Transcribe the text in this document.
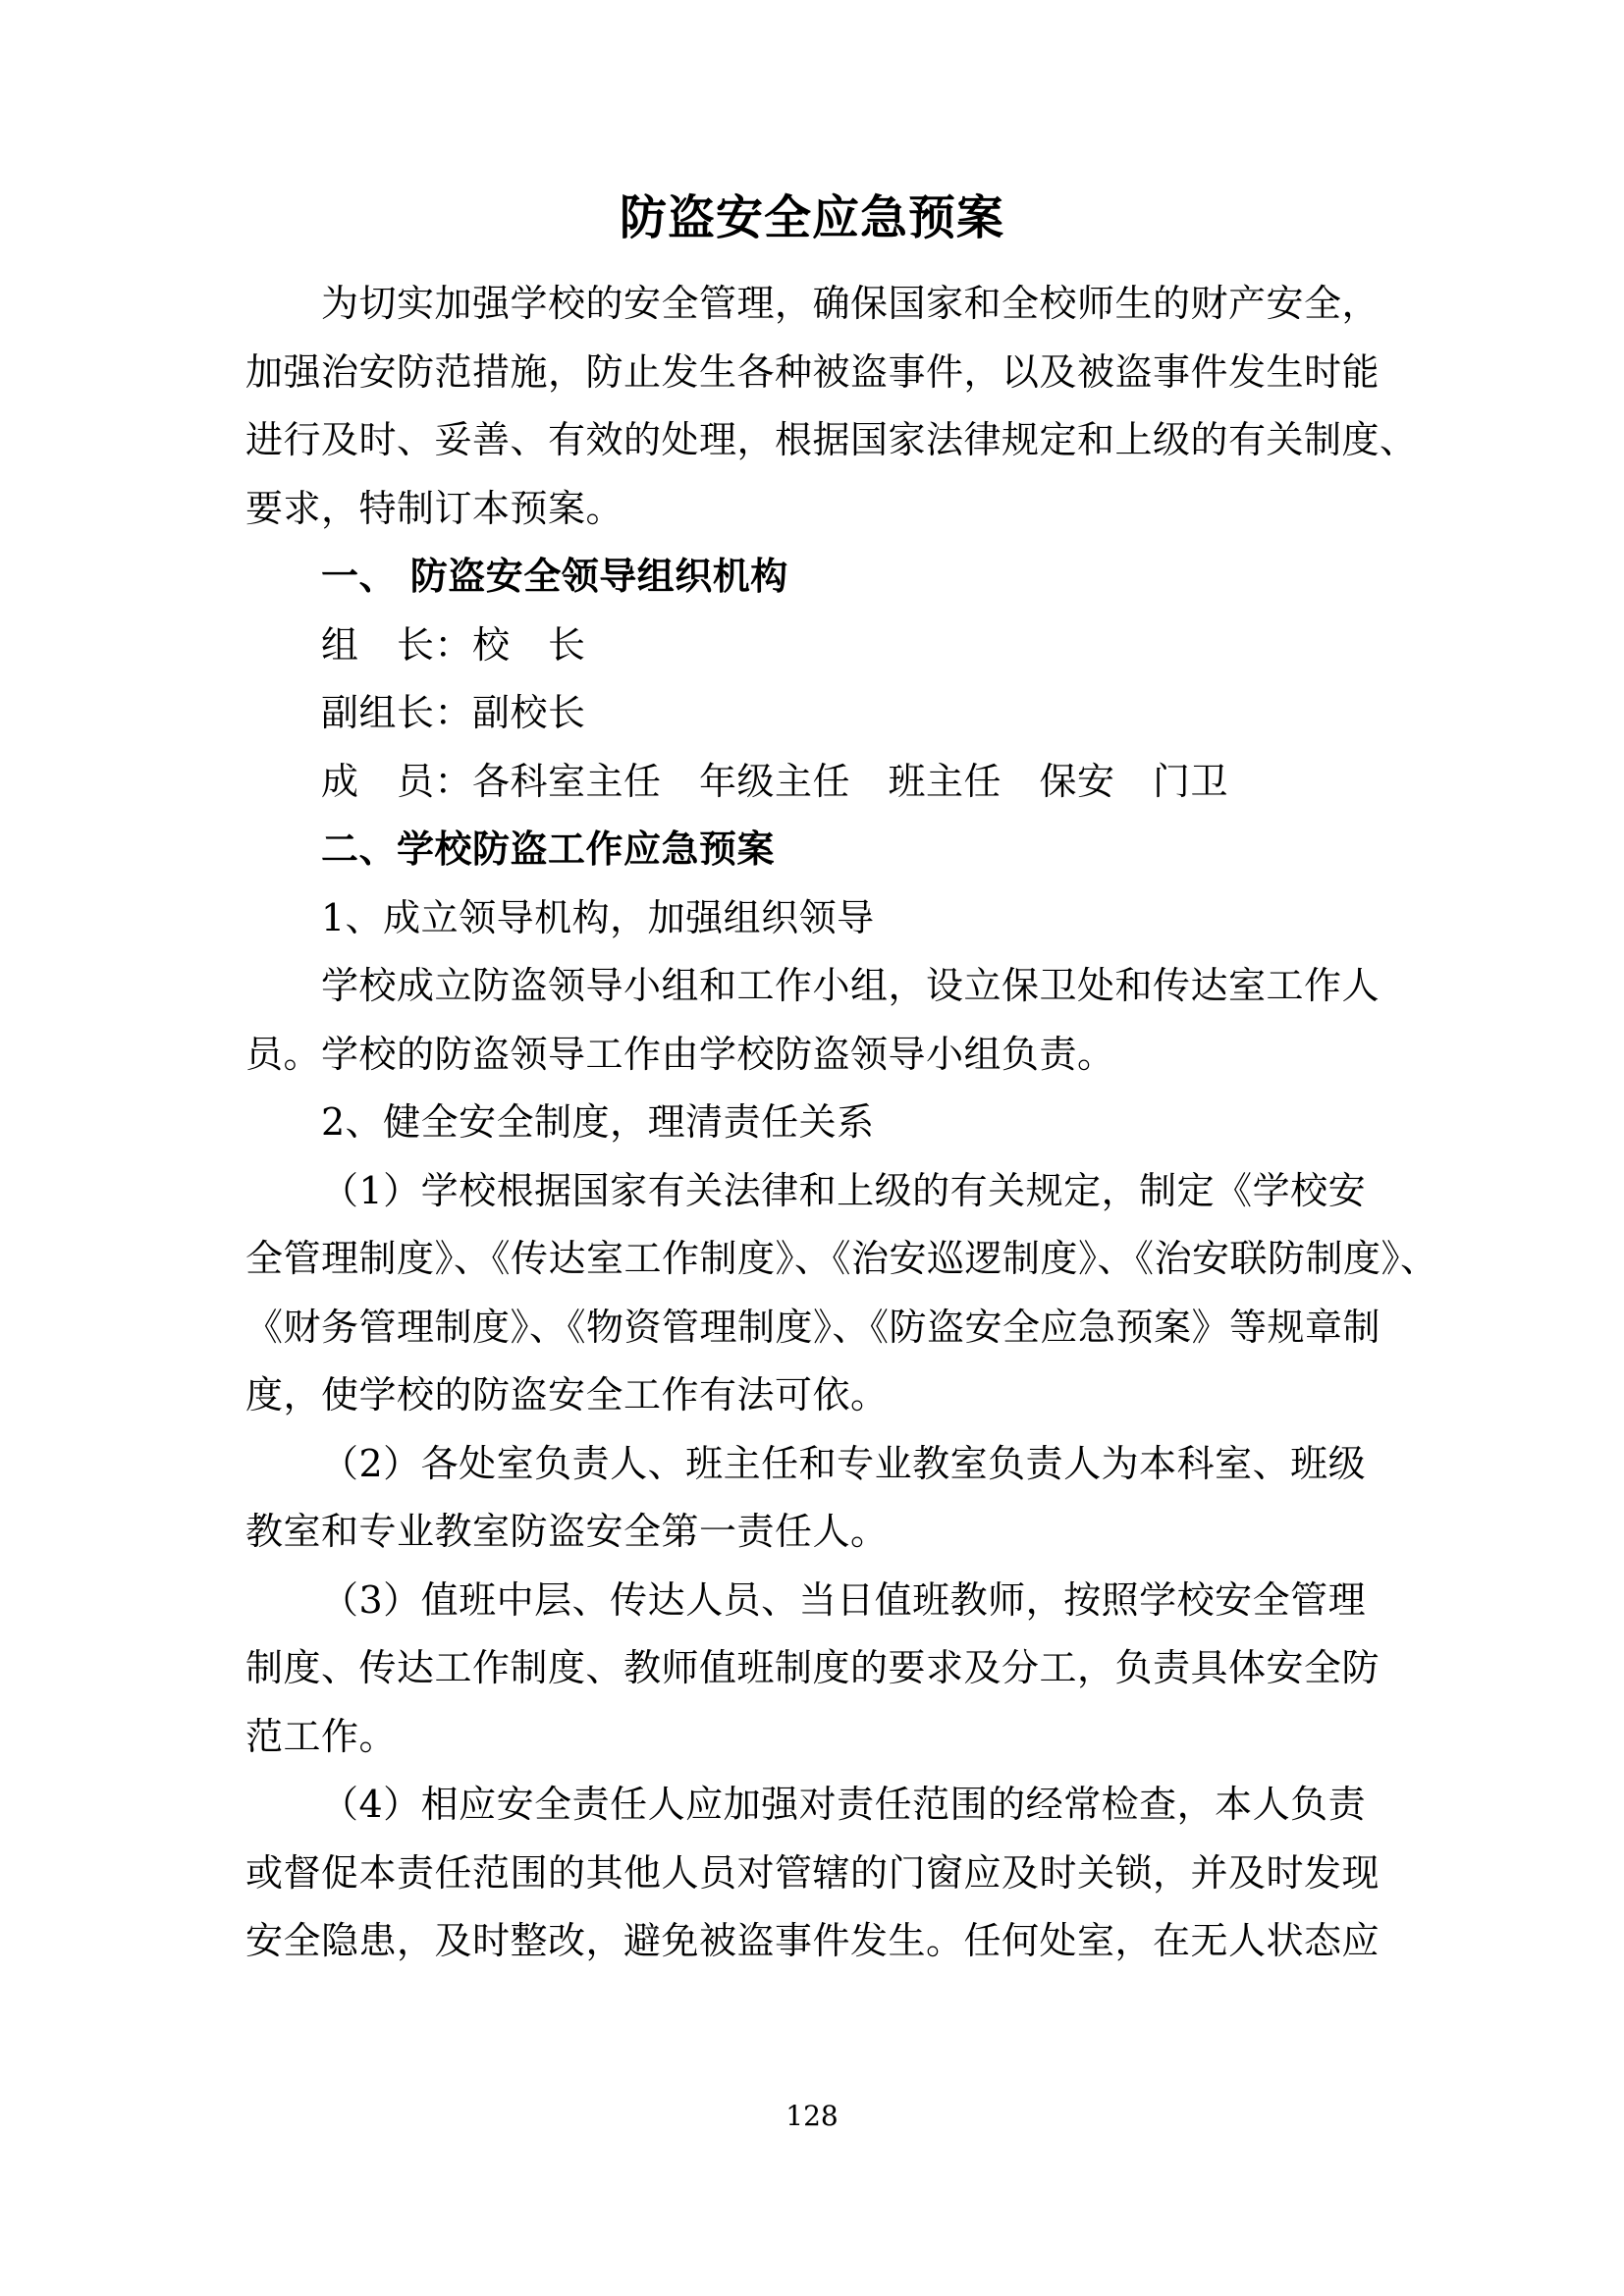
防盗安全应急预案
为切实加强学校的安全管理，确保国家和全校师生的财产安全，
加强治安防范措施，防止发生各种被盗事件，以及被盗事件发生时能
进行及时、妥善、有效的处理，根据国家法律规定和上级的有关制度、
要求，特制订本预案。
一、 防盗安全领导组织机构
组　长：校　长
副组长：副校长
成　员：各科室主任　年级主任　班主任　保安　门卫
二、学校防盗工作应急预案
1、成立领导机构，加强组织领导
学校成立防盗领导小组和工作小组，设立保卫处和传达室工作人
员。学校的防盗领导工作由学校防盗领导小组负责。
2、健全安全制度，理清责任关系
（1）学校根据国家有关法律和上级的有关规定，制定《学校安
全管理制度》、《传达室工作制度》、《治安巡逻制度》、《治安联防制度》、
《财务管理制度》、《物资管理制度》、《防盗安全应急预案》等规章制
度，使学校的防盗安全工作有法可依。
（2）各处室负责人、班主任和专业教室负责人为本科室、班级
教室和专业教室防盗安全第一责任人。
（3）值班中层、传达人员、当日值班教师，按照学校安全管理
制度、传达工作制度、教师值班制度的要求及分工，负责具体安全防
范工作。
（4）相应安全责任人应加强对责任范围的经常检查，本人负责
或督促本责任范围的其他人员对管辖的门窗应及时关锁，并及时发现
安全隐患，及时整改，避免被盗事件发生。任何处室，在无人状态应
128
